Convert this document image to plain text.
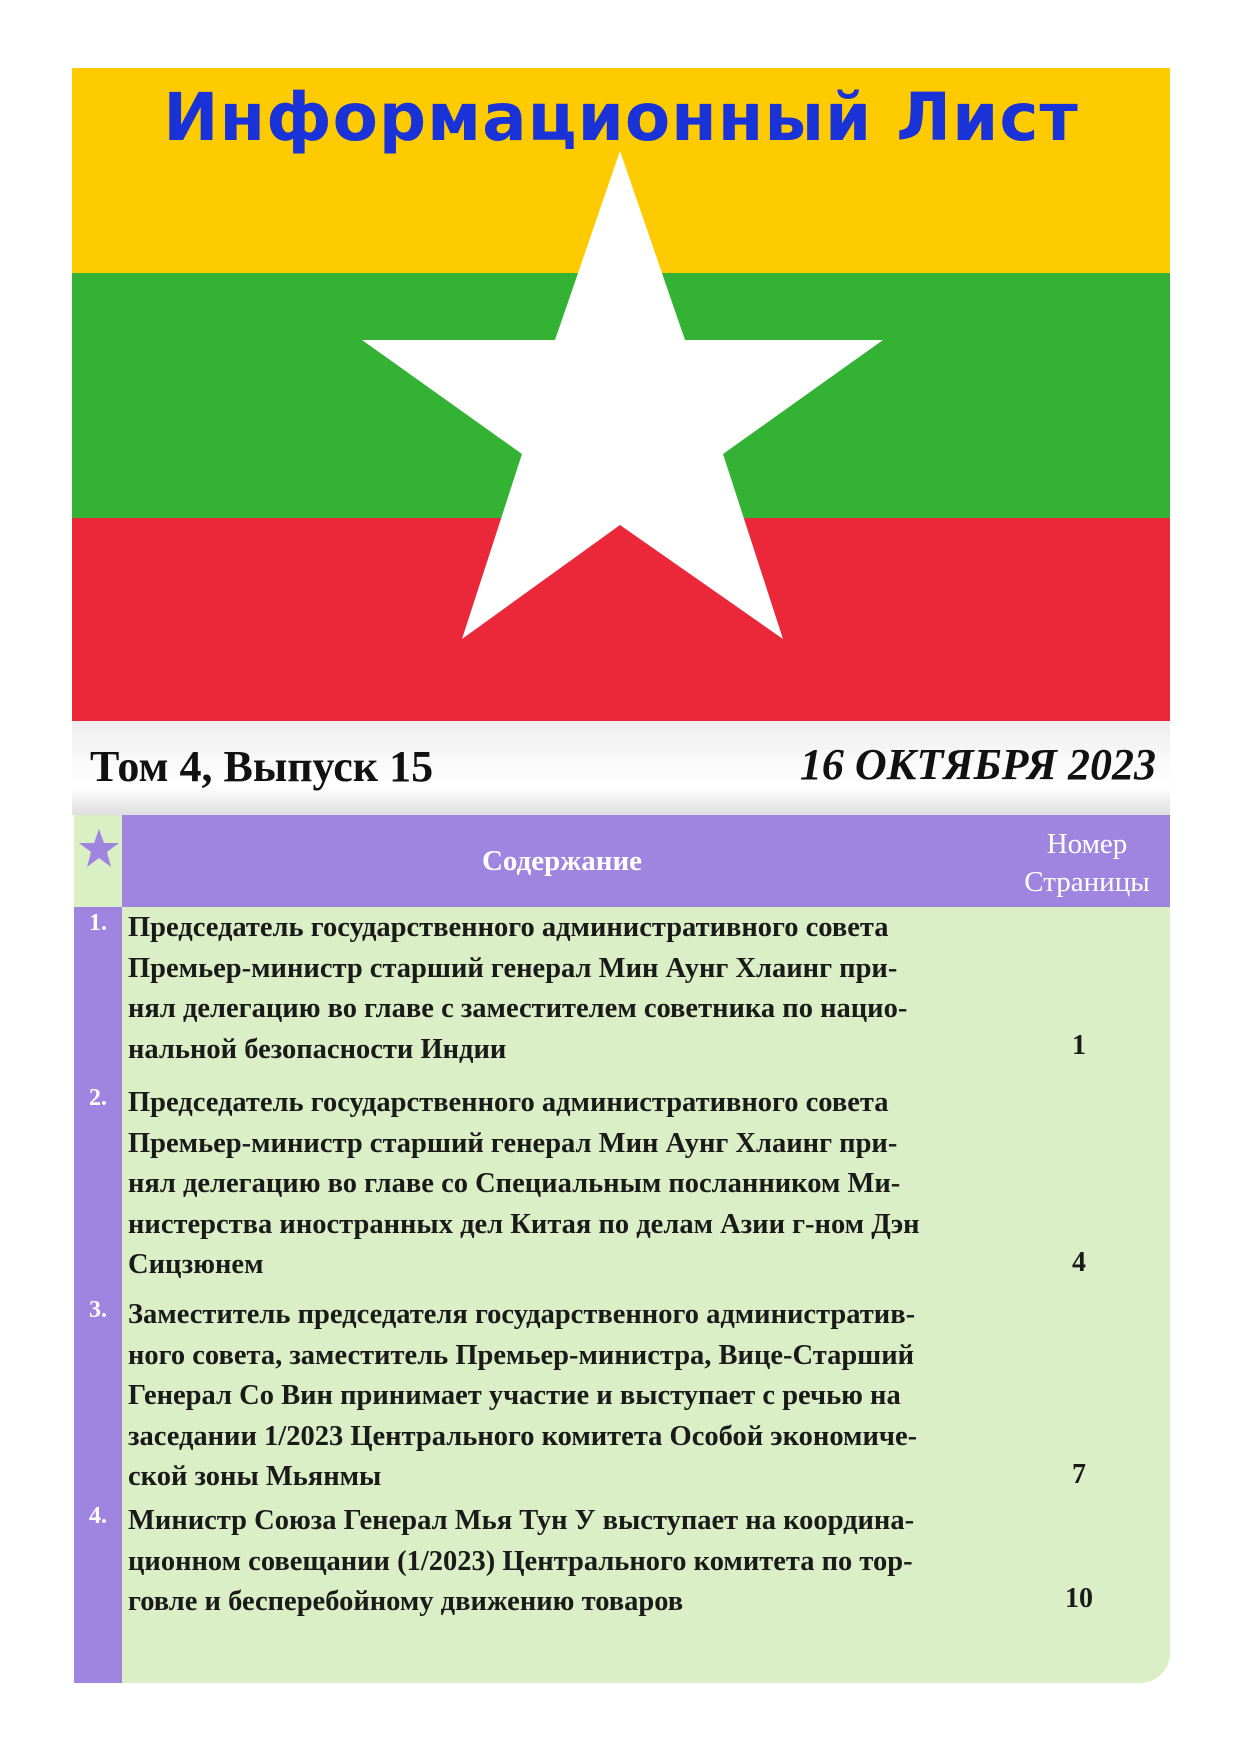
Информационный Лист
Том 4, Выпуск 15	16 ОКТЯБРЯ 2023
Содержание
Номер
Страницы
1. Председатель государственного административного совета
Премьер-министр старший генерал Мин Аунг Хлаинг при-
нял делегацию во главе с заместителем советника по нацио-
нальной безопасности Индии	1
2. Председатель государственного административного совета
Премьер-министр старший генерал Мин Аунг Хлаинг при-
нял делегацию во главе со Специальным посланником Ми-
нистерства иностранных дел Китая по делам Азии г-ном Дэн
Сицзюнем	4
3. Заместитель председателя государственного административ-
ного совета, заместитель Премьер-министра, Вице-Старший
Генерал Со Вин принимает участие и выступает с речью на
заседании 1/2023 Центрального комитета Особой экономиче-
ской зоны Мьянмы	7
4. Министр Союза Генерал Мья Тун У выступает на координа-
ционном совещании (1/2023) Центрального комитета по тор-
говле и бесперебойному движению товаров	10
